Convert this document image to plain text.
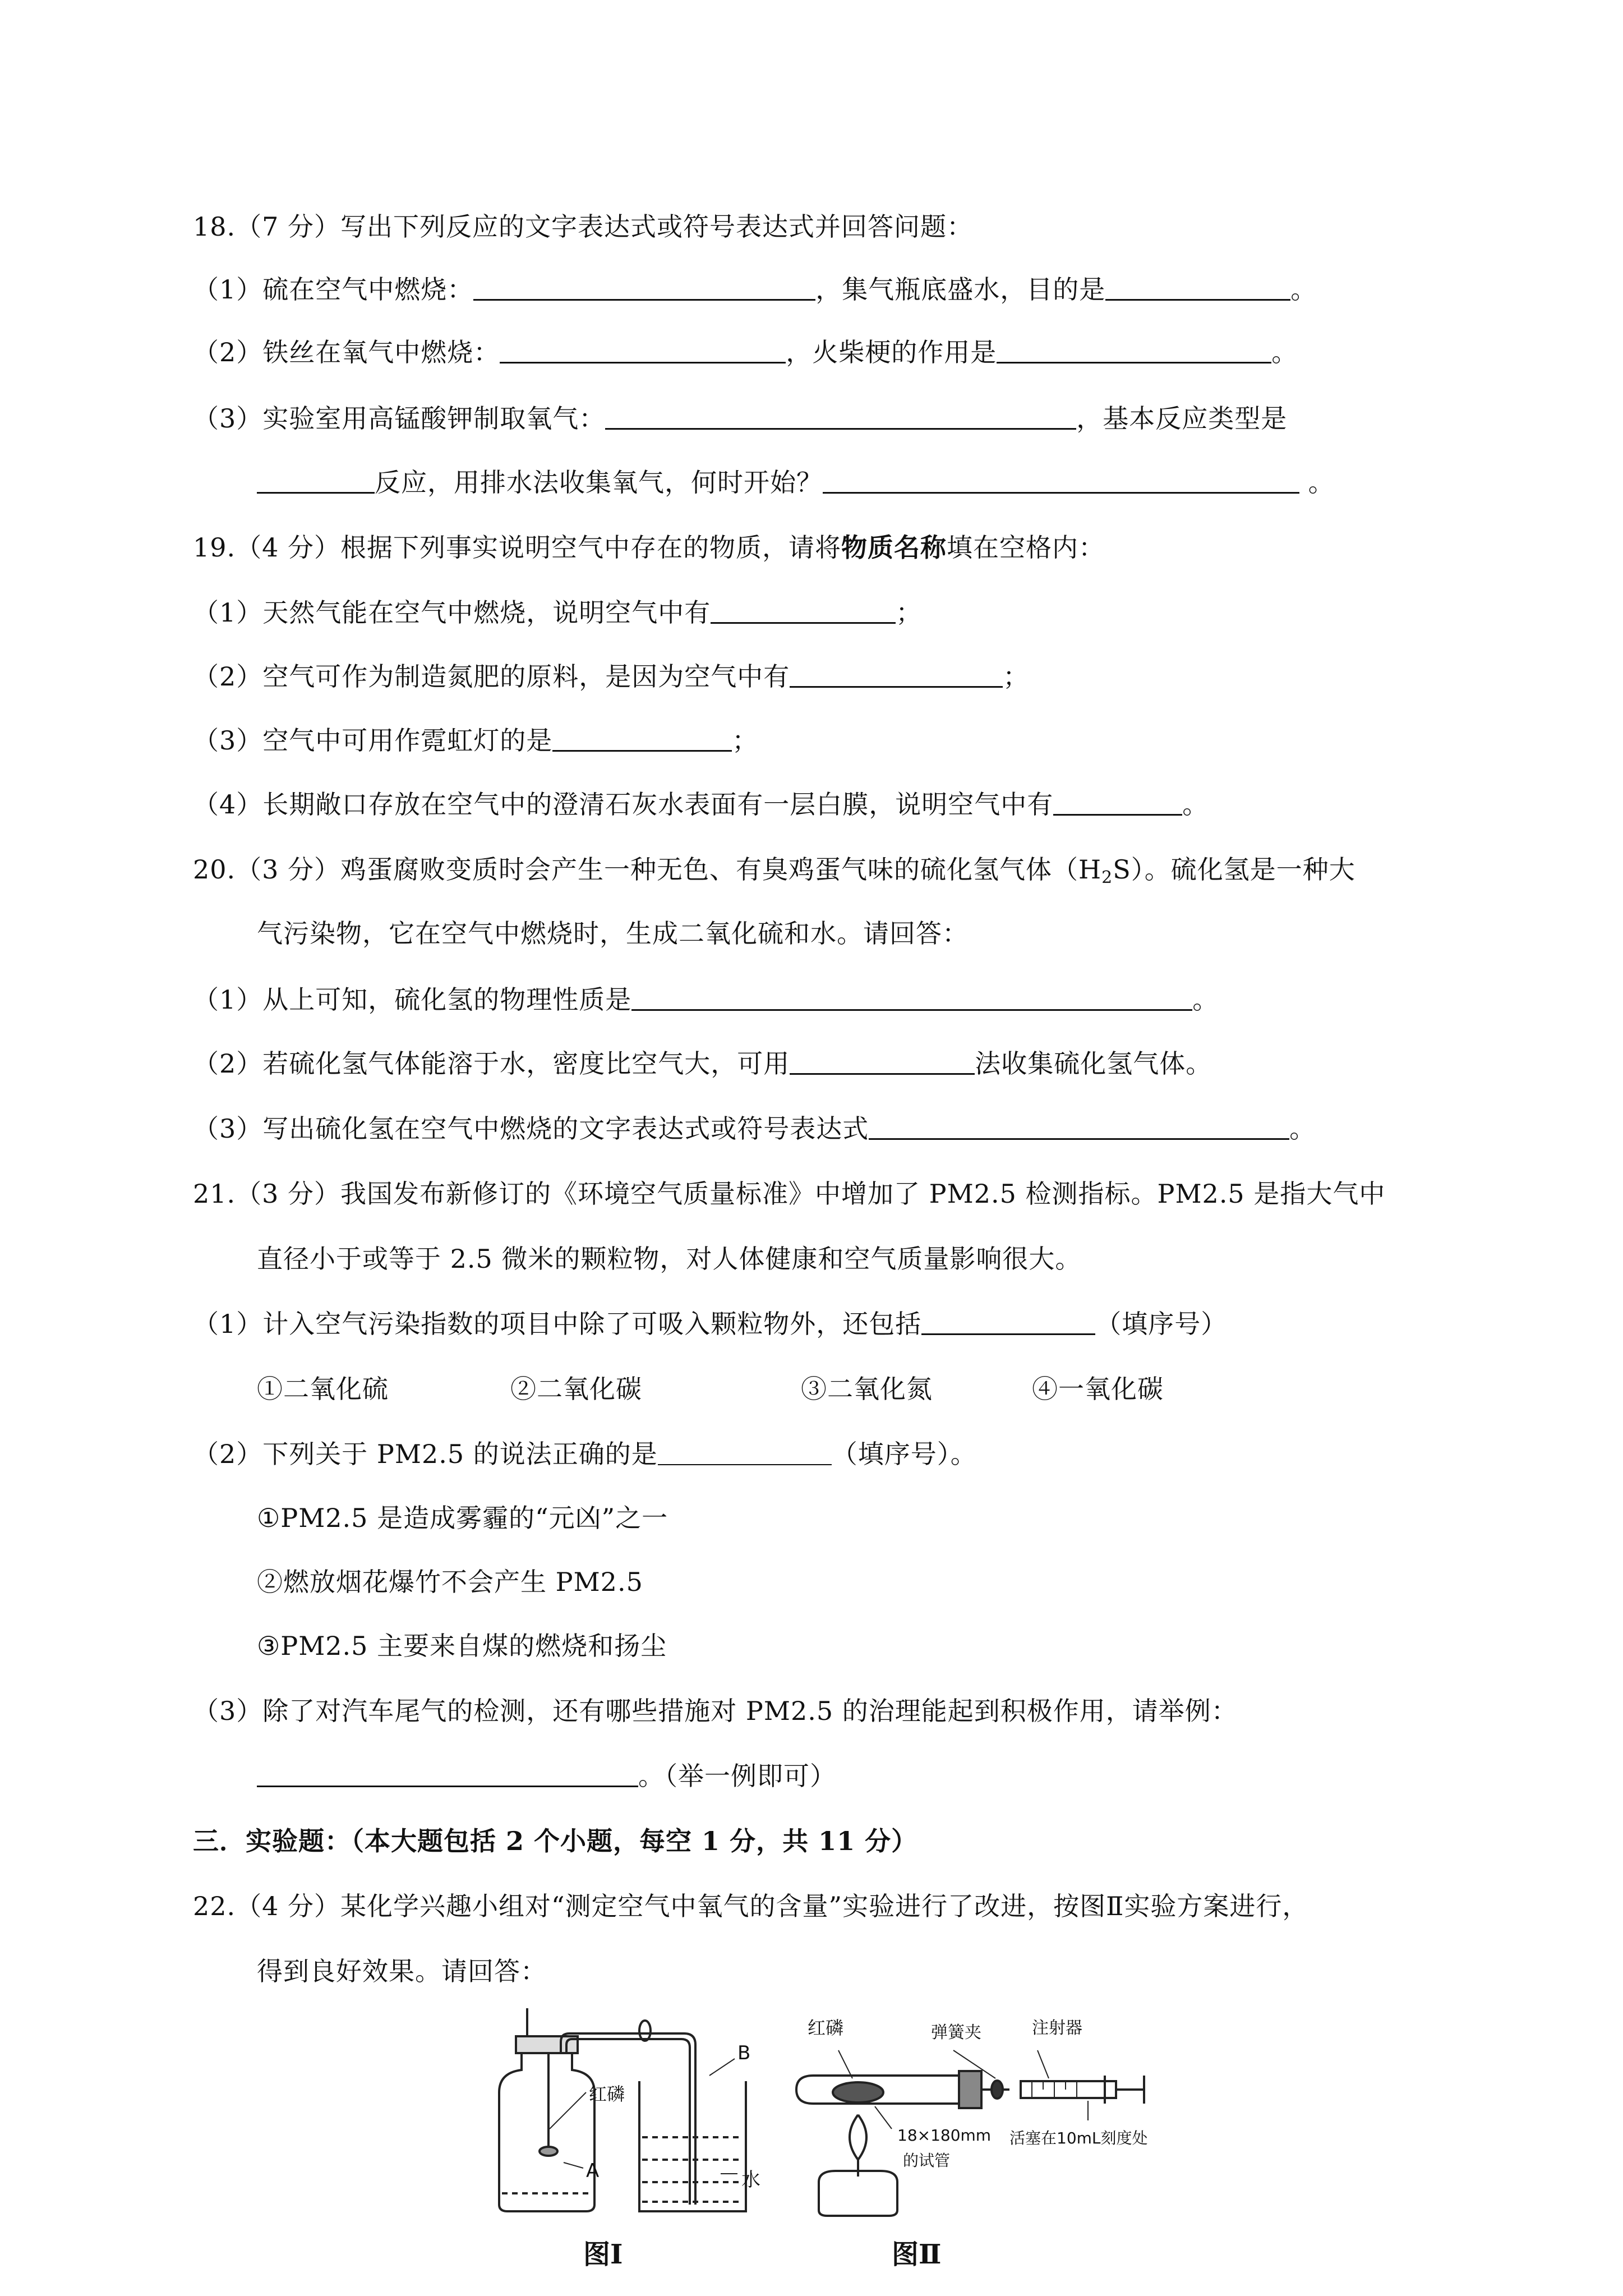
18.（7 分）写出下列反应的文字表达式或符号表达式并回答问题：
（1）硫在空气中燃烧：	，集气瓶底盛水，目的是	。
（2）铁丝在氧气中燃烧：	，火柴梗的作用是	。
（3）实验室用高锰酸钾制取氧气：	，基本反应类型是
反应，用排水法收集氧气，何时开始？	。
19.（4 分）根据下列事实说明空气中存在的物质，请将物质名称填在空格内：
（1）天然气能在空气中燃烧，说明空气中有	；
（2）空气可作为制造氮肥的原料，是因为空气中有	；
（3）空气中可用作霓虹灯的是	；
（4）长期敞口存放在空气中的澄清石灰水表面有一层白膜，说明空气中有	。
20.（3 分）鸡蛋腐败变质时会产生一种无色、有臭鸡蛋气味的硫化氢气体$(H_2S)$。硫化氢是一种大
气污染物，它在空气中燃烧时，生成二氧化硫和水。请回答：
（1）从上可知，硫化氢的物理性质是	。
（2）若硫化氢气体能溶于水，密度比空气大，可用	法收集硫化氢气体。
（3）写出硫化氢在空气中燃烧的文字表达式或符号表达式	。
21.（3 分）我国发布新修订的《环境空气质量标准》中增加了 PM2.5 检测指标。PM2.5 是指大气中
直径小于或等于 2.5 微米的颗粒物，对人体健康和空气质量影响很大。
（1）计入空气污染指数的项目中除了可吸入颗粒物外，还包括	（填序号）
①二氧化硫	②二氧化碳	③二氧化氮	④一氧化碳
（2）下列关于 PM2.5 的说法正确的是	（填序号）。
①PM2.5 是造成雾霾的“元凶”之一
②燃放烟花爆竹不会产生 PM2.5
③PM2.5 主要来自煤的燃烧和扬尘
（3）除了对汽车尾气的检测，还有哪些措施对 PM2.5 的治理能起到积极作用，请举例：
。（举一例即可）
三．实验题：（本大题包括 2 个小题，每空 1 分，共 11 分）
22.（4 分）某化学兴趣小组对“测定空气中氧气的含量”实验进行了改进，按图Ⅱ实验方案进行，
得到良好效果。请回答：
红磷
B
A	水
图Ⅰ
红磷	弹簧夹	注射器
18×180mm
的试管
活塞在10mL刻度处
图Ⅱ
